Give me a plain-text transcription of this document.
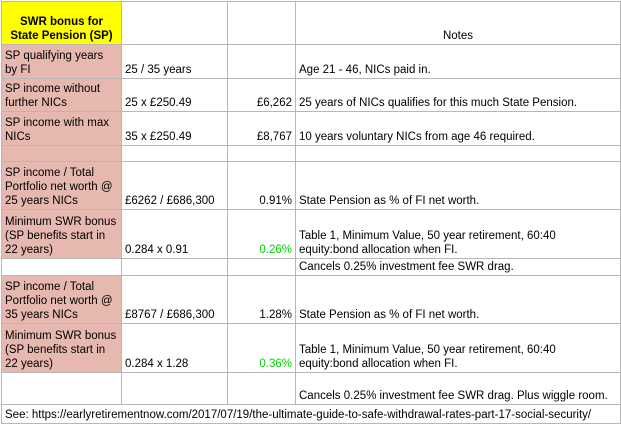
SWR bonus for
State Pension (SP)			Notes
SP qualifying years by FI	25 / 35 years		Age 21 - 46, NICs paid in.
SP income without further NICs	25 x £250.49	£6,262	25 years of NICs qualifies for this much State Pension.
SP income with max NICs	35 x £250.49	£8,767	10 years voluntary NICs from age 46 required.

SP income / Total Portfolio net worth @ 25 years NICs	£6262 / £686,300	0.91%	State Pension as % of FI net worth.
Minimum SWR bonus (SP benefits start in 22 years)	0.284 x 0.91	0.26%	Table 1, Minimum Value, 50 year retirement, 60:40 equity:bond allocation when FI.
			Cancels 0.25% investment fee SWR drag.
SP income / Total Portfolio net worth @ 35 years NICs	£8767 / £686,300	1.28%	State Pension as % of FI net worth.
Minimum SWR bonus (SP benefits start in 22 years)	0.284 x 1.28	0.36%	Table 1, Minimum Value, 50 year retirement, 60:40 equity:bond allocation when FI.
			Cancels 0.25% investment fee SWR drag. Plus wiggle room.
See: https://earlyretirementnow.com/2017/07/19/the-ultimate-guide-to-safe-withdrawal-rates-part-17-social-security/			
